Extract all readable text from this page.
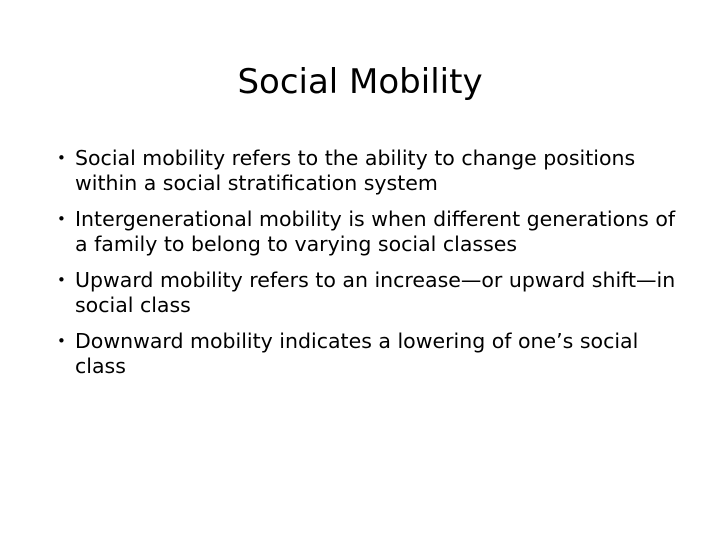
Social Mobility
• Social mobility refers to the ability to change positions within a social stratification system
• Intergenerational mobility is when different generations of a family to belong to varying social classes
• Upward mobility refers to an increase—or upward shift—in social class
• Downward mobility indicates a lowering of one’s social class
